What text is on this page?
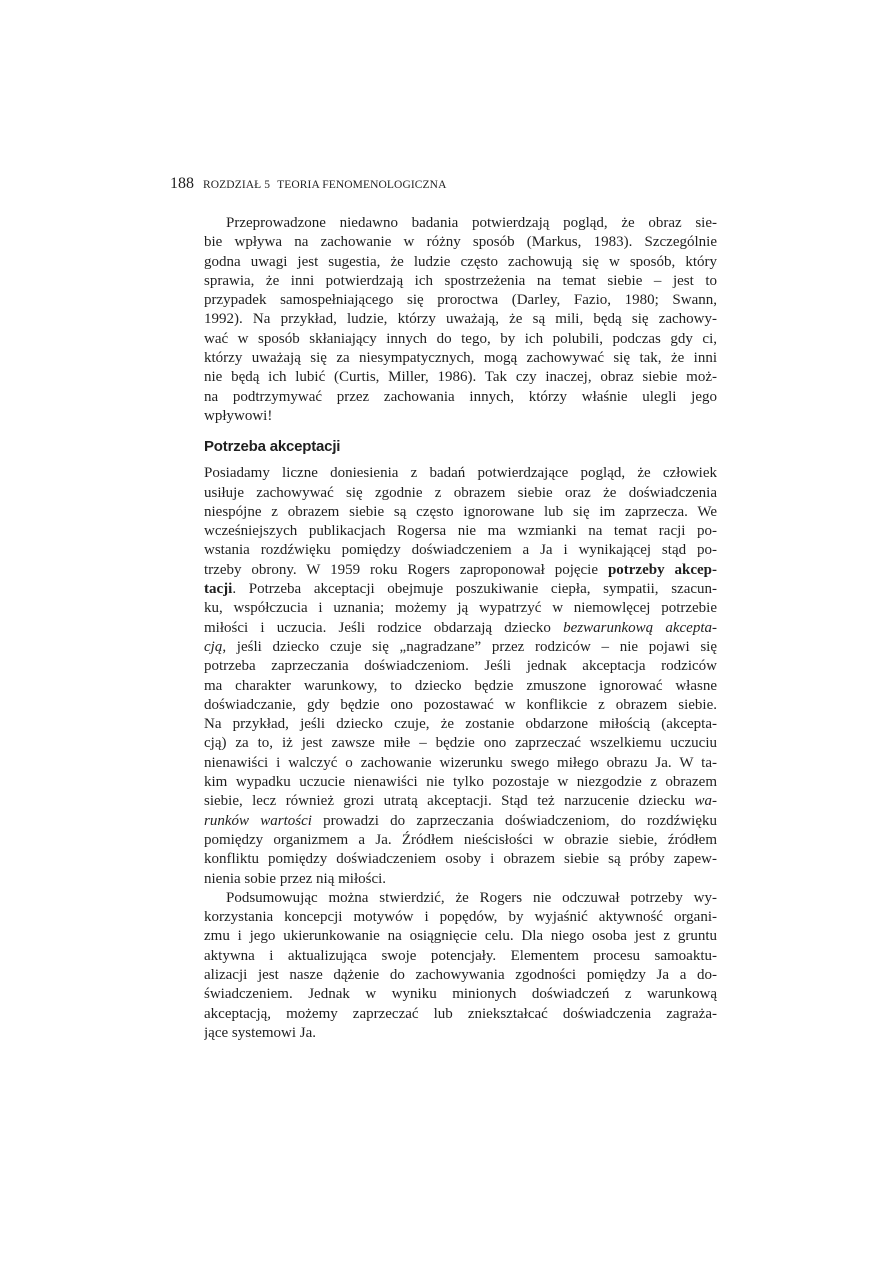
188 ROZDZIAŁ 5 TEORIA FENOMENOLOGICZNA

Przeprowadzone niedawno badania potwierdzają pogląd, że obraz sie-
bie wpływa na zachowanie w różny sposób (Markus, 1983). Szczególnie
godna uwagi jest sugestia, że ludzie często zachowują się w sposób, który
sprawia, że inni potwierdzają ich spostrzeżenia na temat siebie – jest to
przypadek samospełniającego się proroctwa (Darley, Fazio, 1980; Swann,
1992). Na przykład, ludzie, którzy uważają, że są mili, będą się zachowy-
wać w sposób skłaniający innych do tego, by ich polubili, podczas gdy ci,
którzy uważają się za niesympatycznych, mogą zachowywać się tak, że inni
nie będą ich lubić (Curtis, Miller, 1986). Tak czy inaczej, obraz siebie moż-
na podtrzymywać przez zachowania innych, którzy właśnie ulegli jego
wpływowi!

Potrzeba akceptacji

Posiadamy liczne doniesienia z badań potwierdzające pogląd, że człowiek
usiłuje zachowywać się zgodnie z obrazem siebie oraz że doświadczenia
niespójne z obrazem siebie są często ignorowane lub się im zaprzecza. We
wcześniejszych publikacjach Rogersa nie ma wzmianki na temat racji po-
wstania rozdźwięku pomiędzy doświadczeniem a Ja i wynikającej stąd po-
trzeby obrony. W 1959 roku Rogers zaproponował pojęcie potrzeby akcep-
tacji. Potrzeba akceptacji obejmuje poszukiwanie ciepła, sympatii, szacun-
ku, współczucia i uznania; możemy ją wypatrzyć w niemowlęcej potrzebie
miłości i uczucia. Jeśli rodzice obdarzają dziecko bezwarunkową akcepta-
cją, jeśli dziecko czuje się „nagradzane” przez rodziców – nie pojawi się
potrzeba zaprzeczania doświadczeniom. Jeśli jednak akceptacja rodziców
ma charakter warunkowy, to dziecko będzie zmuszone ignorować własne
doświadczanie, gdy będzie ono pozostawać w konflikcie z obrazem siebie.
Na przykład, jeśli dziecko czuje, że zostanie obdarzone miłością (akcepta-
cją) za to, iż jest zawsze miłe – będzie ono zaprzeczać wszelkiemu uczuciu
nienawiści i walczyć o zachowanie wizerunku swego miłego obrazu Ja. W ta-
kim wypadku uczucie nienawiści nie tylko pozostaje w niezgodzie z obrazem
siebie, lecz również grozi utratą akceptacji. Stąd też narzucenie dziecku wa-
runków wartości prowadzi do zaprzeczania doświadczeniom, do rozdźwięku
pomiędzy organizmem a Ja. Źródłem nieścisłości w obrazie siebie, źródłem
konfliktu pomiędzy doświadczeniem osoby i obrazem siebie są próby zapew-
nienia sobie przez nią miłości.

Podsumowując można stwierdzić, że Rogers nie odczuwał potrzeby wy-
korzystania koncepcji motywów i popędów, by wyjaśnić aktywność organi-
zmu i jego ukierunkowanie na osiągnięcie celu. Dla niego osoba jest z gruntu
aktywna i aktualizująca swoje potencjały. Elementem procesu samoaktu-
alizacji jest nasze dążenie do zachowywania zgodności pomiędzy Ja a do-
świadczeniem. Jednak w wyniku minionych doświadczeń z warunkową
akceptacją, możemy zaprzeczać lub zniekształcać doświadczenia zagraża-
jące systemowi Ja.
